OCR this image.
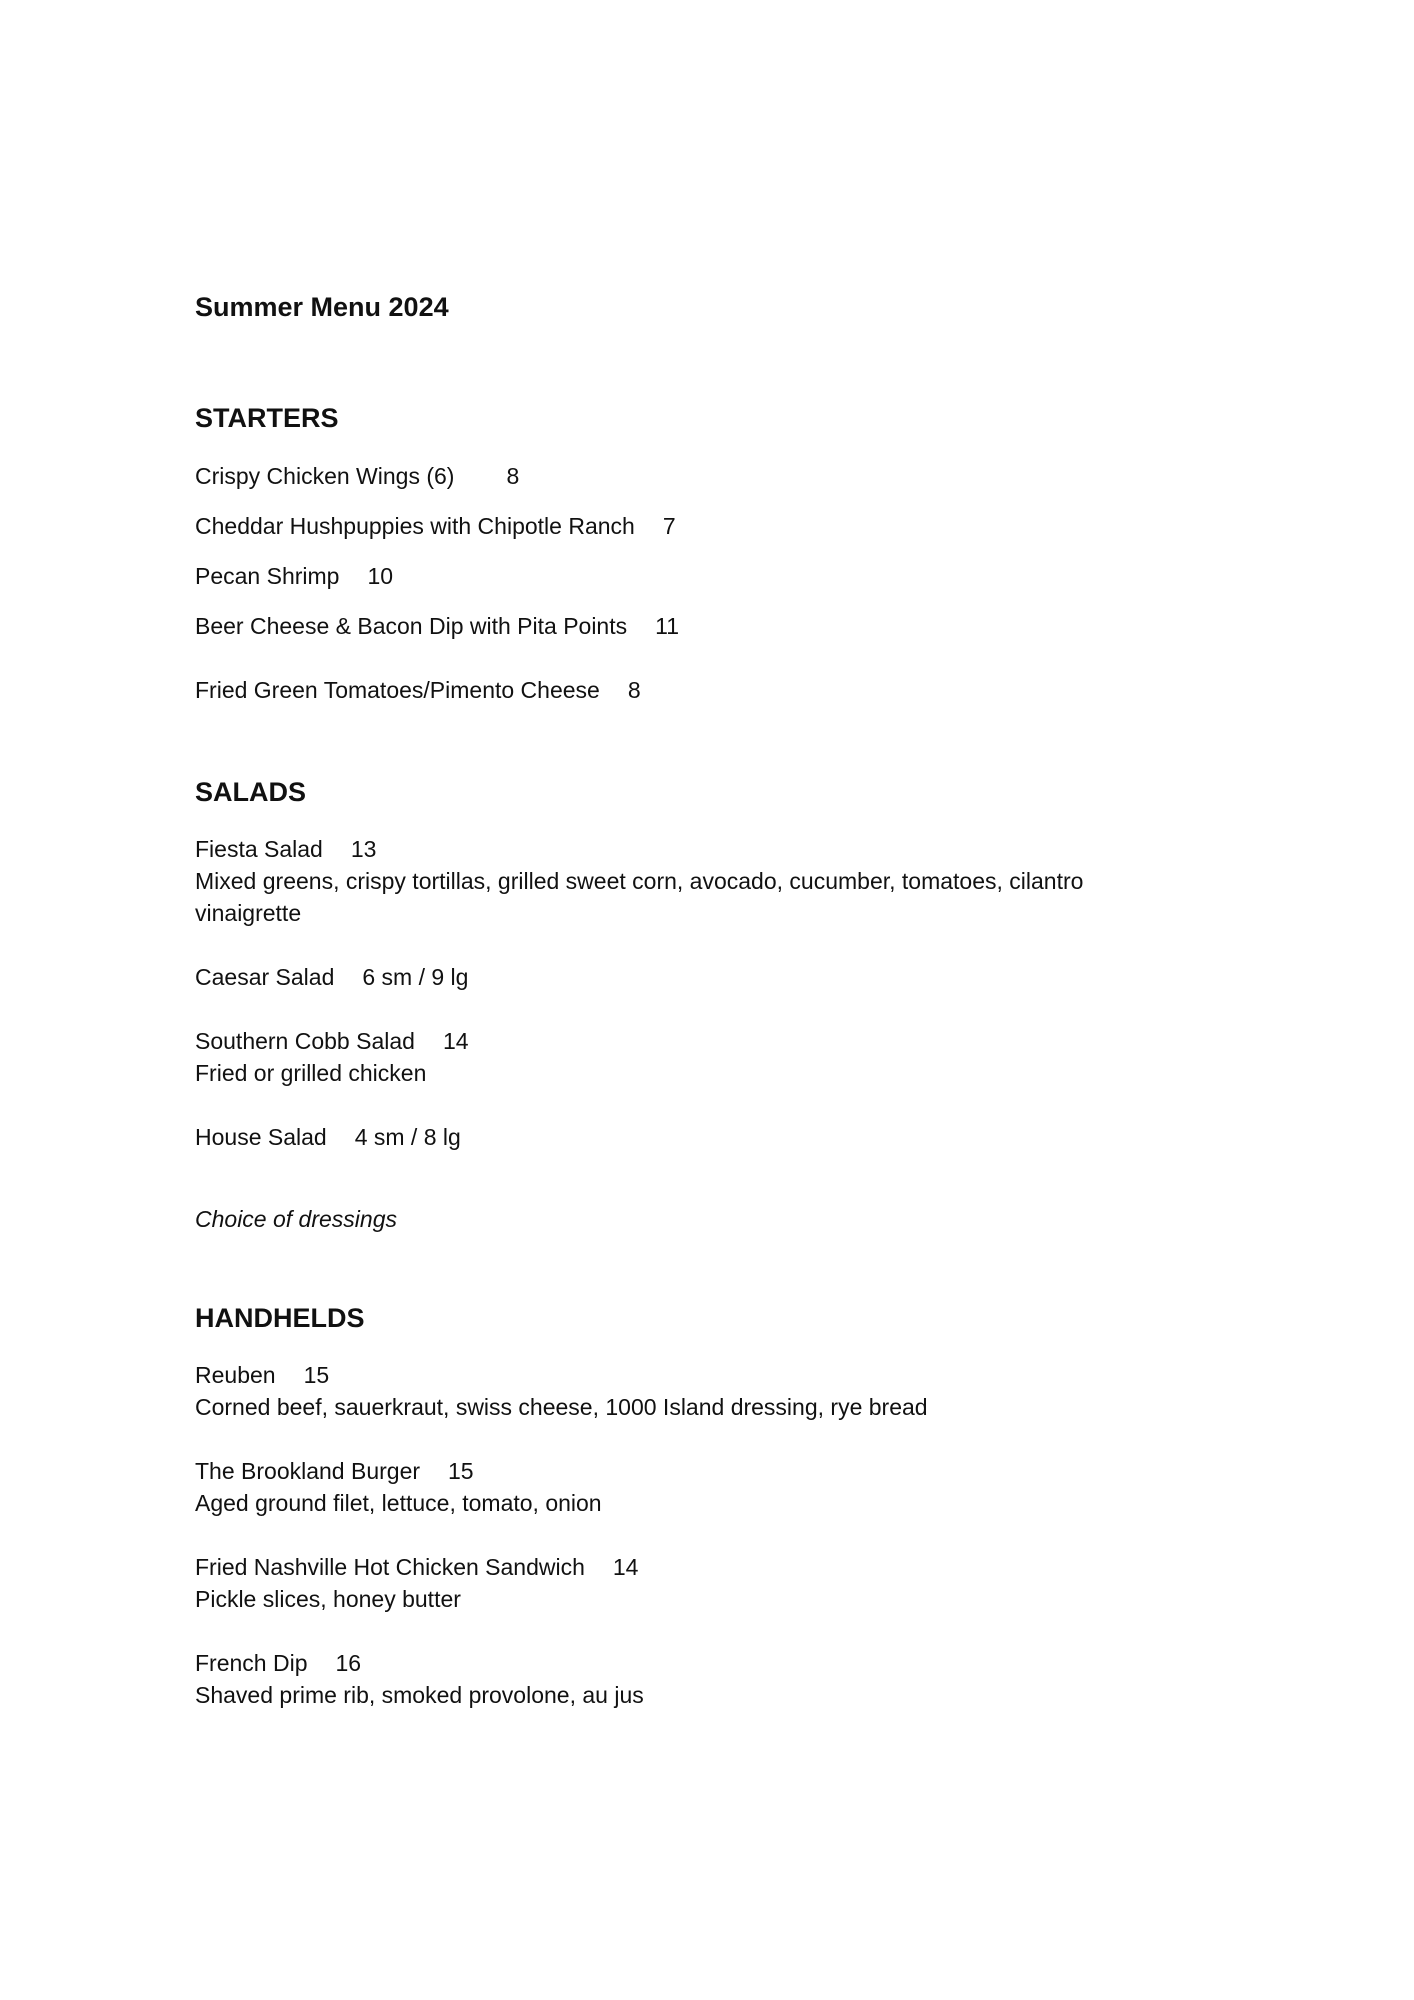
Summer Menu 2024
STARTERS
Crispy Chicken Wings (6) 8
Cheddar Hushpuppies with Chipotle Ranch 7
Pecan Shrimp 10
Beer Cheese & Bacon Dip with Pita Points 11
Fried Green Tomatoes/Pimento Cheese 8
SALADS
Fiesta Salad 13
Mixed greens, crispy tortillas, grilled sweet corn, avocado, cucumber, tomatoes, cilantro vinaigrette
Caesar Salad 6 sm / 9 lg
Southern Cobb Salad 14
Fried or grilled chicken
House Salad 4 sm / 8 lg
Choice of dressings
HANDHELDS
Reuben 15
Corned beef, sauerkraut, swiss cheese, 1000 Island dressing, rye bread
The Brookland Burger 15
Aged ground filet, lettuce, tomato, onion
Fried Nashville Hot Chicken Sandwich 14
Pickle slices, honey butter
French Dip 16
Shaved prime rib, smoked provolone, au jus
